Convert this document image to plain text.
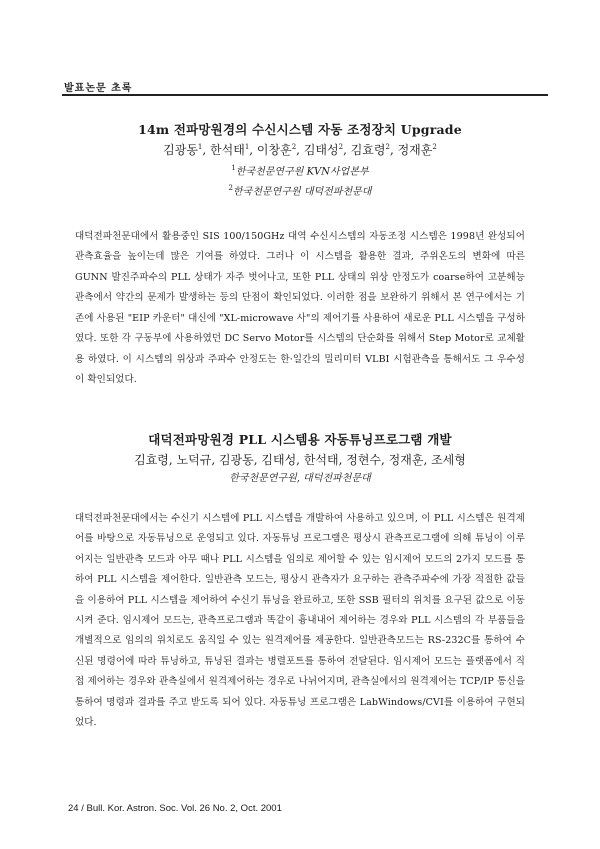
발표논문 초록

14m 전파망원경의 수신시스템 자동 조정장치 Upgrade

김광동$^1$, 한석태$^1$, 이창훈$^2$, 김태성$^2$, 김효령$^2$, 정재훈$^2$

$^1$한국천문연구원 KVN사업본부

$^2$한국천문연구원 대덕전파천문대

대덕전파천문대에서 활용중인 SIS 100/150GHz 대역 수신시스템의 자동조정 시스템은 1998년 완성되어 관측효율을 높이는데 많은 기여를 하였다. 그러나 이 시스템을 활용한 결과, 주위온도의 변화에 따른 GUNN 발진주파수의 PLL 상태가 자주 벗어나고, 또한 PLL 상태의 위상 안정도가 coarse하여 고분해능 관측에서 약간의 문제가 발생하는 등의 단점이 확인되었다. 이러한 점을 보완하기 위해서 본 연구에서는 기존에 사용된 "EIP 카운터" 대신에 "XL-microwave 사"의 제어기를 사용하여 새로운 PLL 시스템을 구성하였다. 또한 각 구동부에 사용하였던 DC Servo Motor를 시스템의 단순화를 위해서 Step Motor로 교체활용 하였다. 이 시스템의 위상과 주파수 안정도는 한·일간의 밀리미터 VLBI 시험관측을 통해서도 그 우수성이 확인되었다.

대덕전파망원경 PLL 시스템용 자동튜닝프로그램 개발

김효령, 노덕규, 김광동, 김태성, 한석태, 정현수, 정재훈, 조세형

한국천문연구원, 대덕전파천문대

대덕전파천문대에서는 수신기 시스템에 PLL 시스템을 개발하여 사용하고 있으며, 이 PLL 시스템은 원격제어를 바탕으로 자동튜닝으로 운영되고 있다. 자동튜닝 프로그램은 평상시 관측프로그램에 의해 튜닝이 이루어지는 일반관측 모드과 아무 때나 PLL 시스템을 임의로 제어할 수 있는 임시제어 모드의 2가지 모드를 통하여 PLL 시스템을 제어한다. 일반관측 모드는, 평상시 관측자가 요구하는 관측주파수에 가장 적절한 값들을 이용하여 PLL 시스템을 제어하여 수신기 튜닝을 완료하고, 또한 SSB 필터의 위치를 요구된 값으로 이동시켜 준다. 임시제어 모드는, 관측프로그램과 똑같이 흉내내어 제어하는 경우와 PLL 시스템의 각 부품들을 개별적으로 임의의 위치로도 움직일 수 있는 원격제어를 제공한다. 일반관측모드는 RS-232C를 통하여 수신된 명령어에 따라 튜닝하고, 튜닝된 결과는 병렬포트를 통하여 전달된다. 임시제어 모드는 플랫폼에서 직접 제어하는 경우와 관측실에서 원격제어하는 경우로 나뉘어지며, 관측실에서의 원격제어는 TCP/IP 통신을 통하여 명령과 결과를 주고 받도록 되어 있다. 자동튜닝 프로그램은 LabWindows/CVI를 이용하여 구현되었다.
24 / Bull. Kor. Astron. Soc. Vol. 26 No. 2, Oct. 2001
